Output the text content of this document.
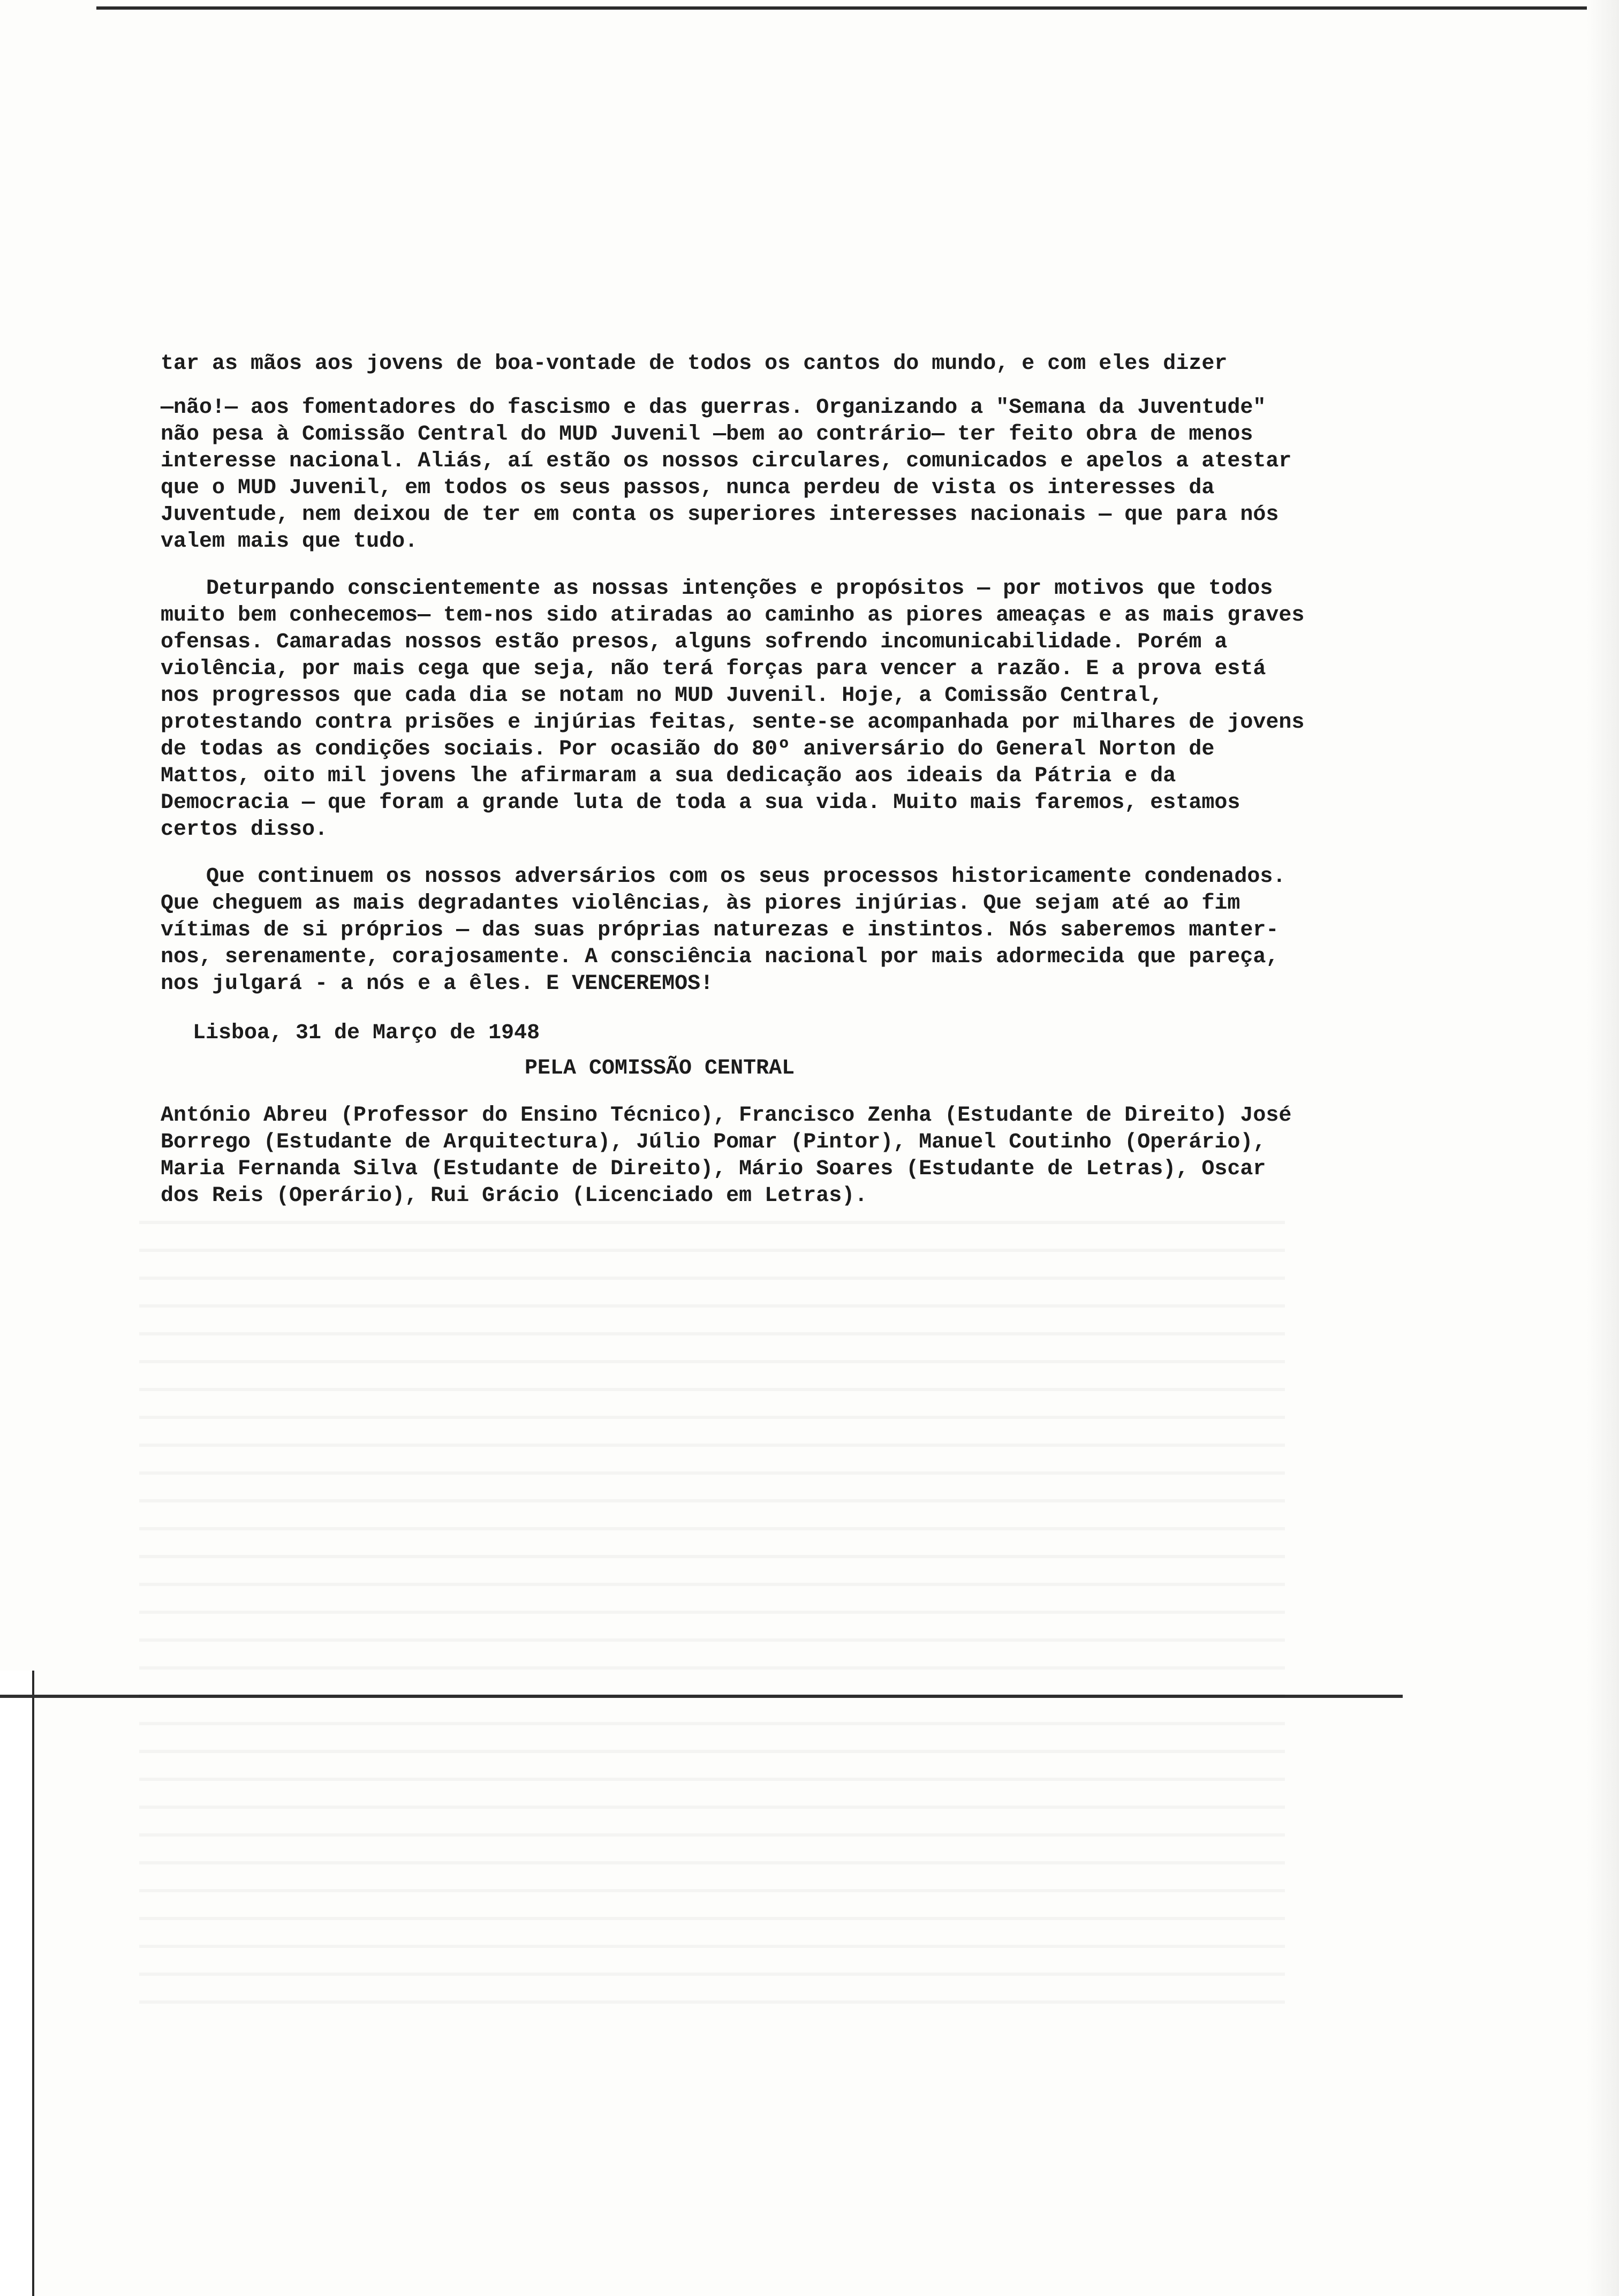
tar as mãos aos jovens de boa-vontade de todos os cantos do mundo, e com eles dizer

—não!— aos fomentadores do fascismo e das guerras. Organizando a "Semana da Juventude" não pesa à Comissão Central do MUD Juvenil —bem ao contrário— ter feito obra de menos interesse nacional. Aliás, aí estão os nossos circulares, comunicados e apelos a atestar que o MUD Juvenil, em todos os seus passos, nunca perdeu de vista os interesses da Juventude, nem deixou de ter em conta os superiores interesses nacionais — que para nós valem mais que tudo.

Deturpando conscientemente as nossas intenções e propósitos — por motivos que todos muito bem conhecemos— tem-nos sido atiradas ao caminho as piores ameaças e as mais graves ofensas. Camaradas nossos estão presos, alguns sofrendo incomunicabilidade. Porém a violência, por mais cega que seja, não terá forças para vencer a razão. E a prova está nos progressos que cada dia se notam no MUD Juvenil. Hoje, a Comissão Central, protestando contra prisões e injúrias feitas, sente-se acompanhada por milhares de jovens de todas as condições sociais. Por ocasião do 80º aniversário do General Norton de Mattos, oito mil jovens lhe afirmaram a sua dedicação aos ideais da Pátria e da Democracia — que foram a grande luta de toda a sua vida. Muito mais faremos, estamos certos disso.

Que continuem os nossos adversários com os seus processos historicamente condenados. Que cheguem as mais degradantes violências, às piores injúrias. Que sejam até ao fim vítimas de si próprios — das suas próprias naturezas e instintos. Nós saberemos manter-nos, serenamente, corajosamente. A consciência nacional por mais adormecida que pareça, nos julgará - a nós e a êles. E VENCEREMOS!

Lisboa, 31 de Março de 1948

PELA COMISSÃO CENTRAL

António Abreu (Professor do Ensino Técnico), Francisco Zenha (Estudante de Direito) José Borrego (Estudante de Arquitectura), Júlio Pomar (Pintor), Manuel Coutinho (Operário), Maria Fernanda Silva (Estudante de Direito), Mário Soares (Estudante de Letras), Oscar dos Reis (Operário), Rui Grácio (Licenciado em Letras).
